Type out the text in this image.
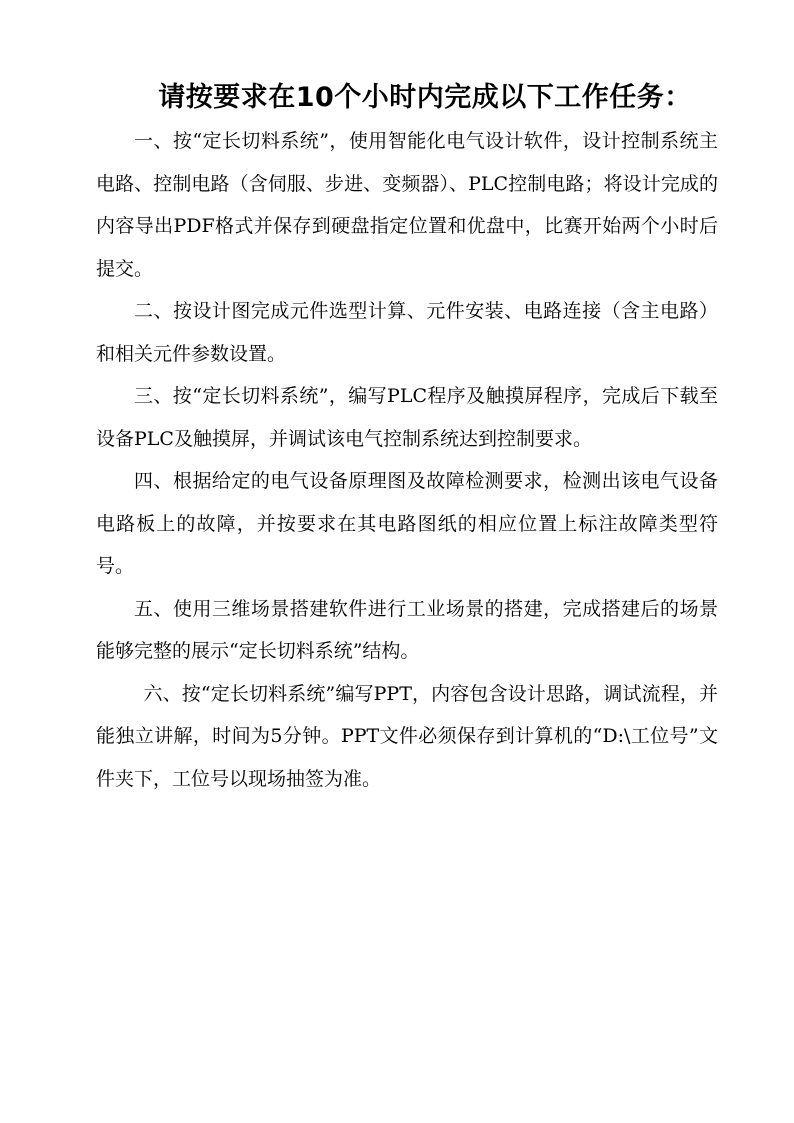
请按要求在10个小时内完成以下工作任务：

一、按“定长切料系统”，使用智能化电气设计软件，设计控制系统主电路、控制电路（含伺服、步进、变频器）、PLC控制电路；将设计完成的内容导出PDF格式并保存到硬盘指定位置和优盘中，比赛开始两个小时后提交。

二、按设计图完成元件选型计算、元件安装、电路连接（含主电路）和相关元件参数设置。

三、按“定长切料系统”，编写PLC程序及触摸屏程序，完成后下载至设备PLC及触摸屏，并调试该电气控制系统达到控制要求。

四、根据给定的电气设备原理图及故障检测要求，检测出该电气设备电路板上的故障，并按要求在其电路图纸的相应位置上标注故障类型符号。

五、使用三维场景搭建软件进行工业场景的搭建，完成搭建后的场景能够完整的展示“定长切料系统”结构。

六、按“定长切料系统”编写PPT，内容包含设计思路，调试流程，并能独立讲解，时间为5分钟。PPT文件必须保存到计算机的“D:\工位号”文件夹下，工位号以现场抽签为准。
